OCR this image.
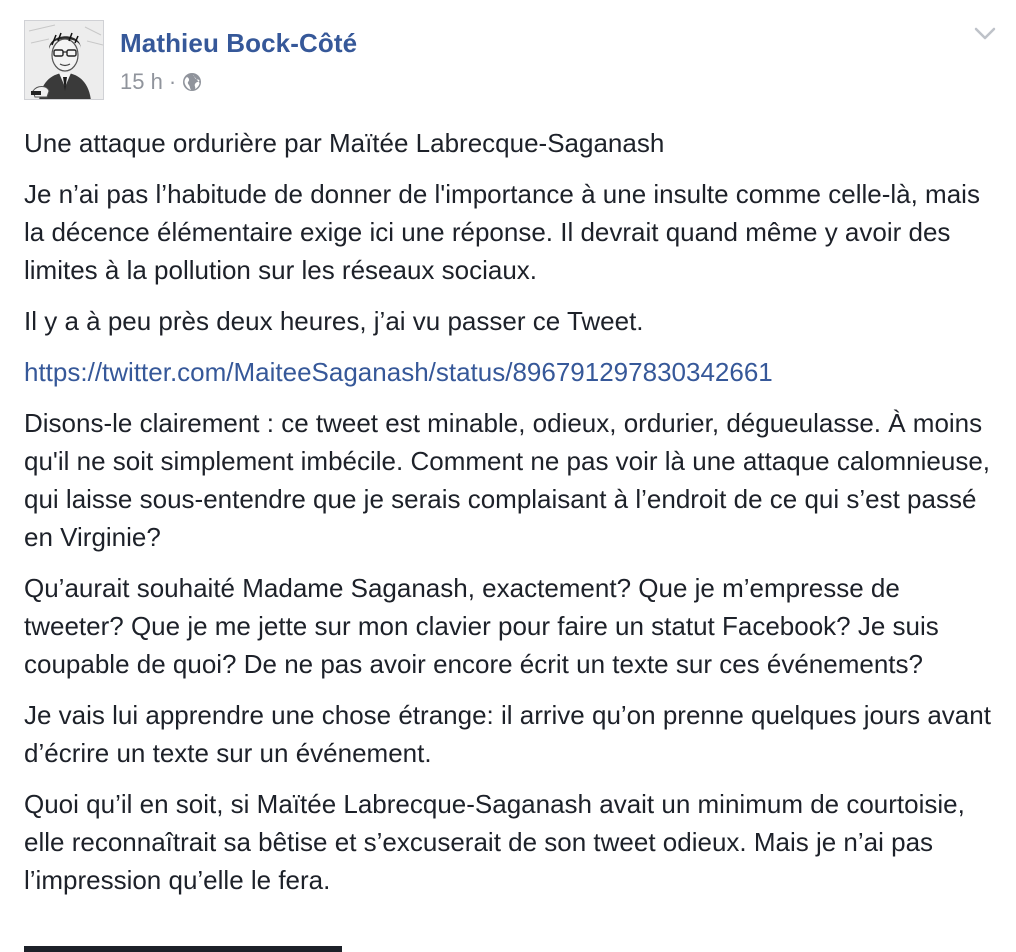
Mathieu Bock-Côté
15 h ·

Une attaque ordurière par Maïtée Labrecque-Saganash

Je n’ai pas l’habitude de donner de l'importance à une insulte comme celle-là, mais la décence élémentaire exige ici une réponse. Il devrait quand même y avoir des limites à la pollution sur les réseaux sociaux.

Il y a à peu près deux heures, j’ai vu passer ce Tweet.

https://twitter.com/MaiteeSaganash/status/896791297830342661

Disons-le clairement : ce tweet est minable, odieux, ordurier, dégueulasse. À moins qu'il ne soit simplement imbécile. Comment ne pas voir là une attaque calomnieuse, qui laisse sous-entendre que je serais complaisant à l’endroit de ce qui s’est passé en Virginie?

Qu’aurait souhaité Madame Saganash, exactement? Que je m’empresse de tweeter? Que je me jette sur mon clavier pour faire un statut Facebook? Je suis coupable de quoi? De ne pas avoir encore écrit un texte sur ces événements?

Je vais lui apprendre une chose étrange: il arrive qu’on prenne quelques jours avant d’écrire un texte sur un événement.

Quoi qu’il en soit, si Maïtée Labrecque-Saganash avait un minimum de courtoisie, elle reconnaîtrait sa bêtise et s’excuserait de son tweet odieux. Mais je n’ai pas l’impression qu’elle le fera.
